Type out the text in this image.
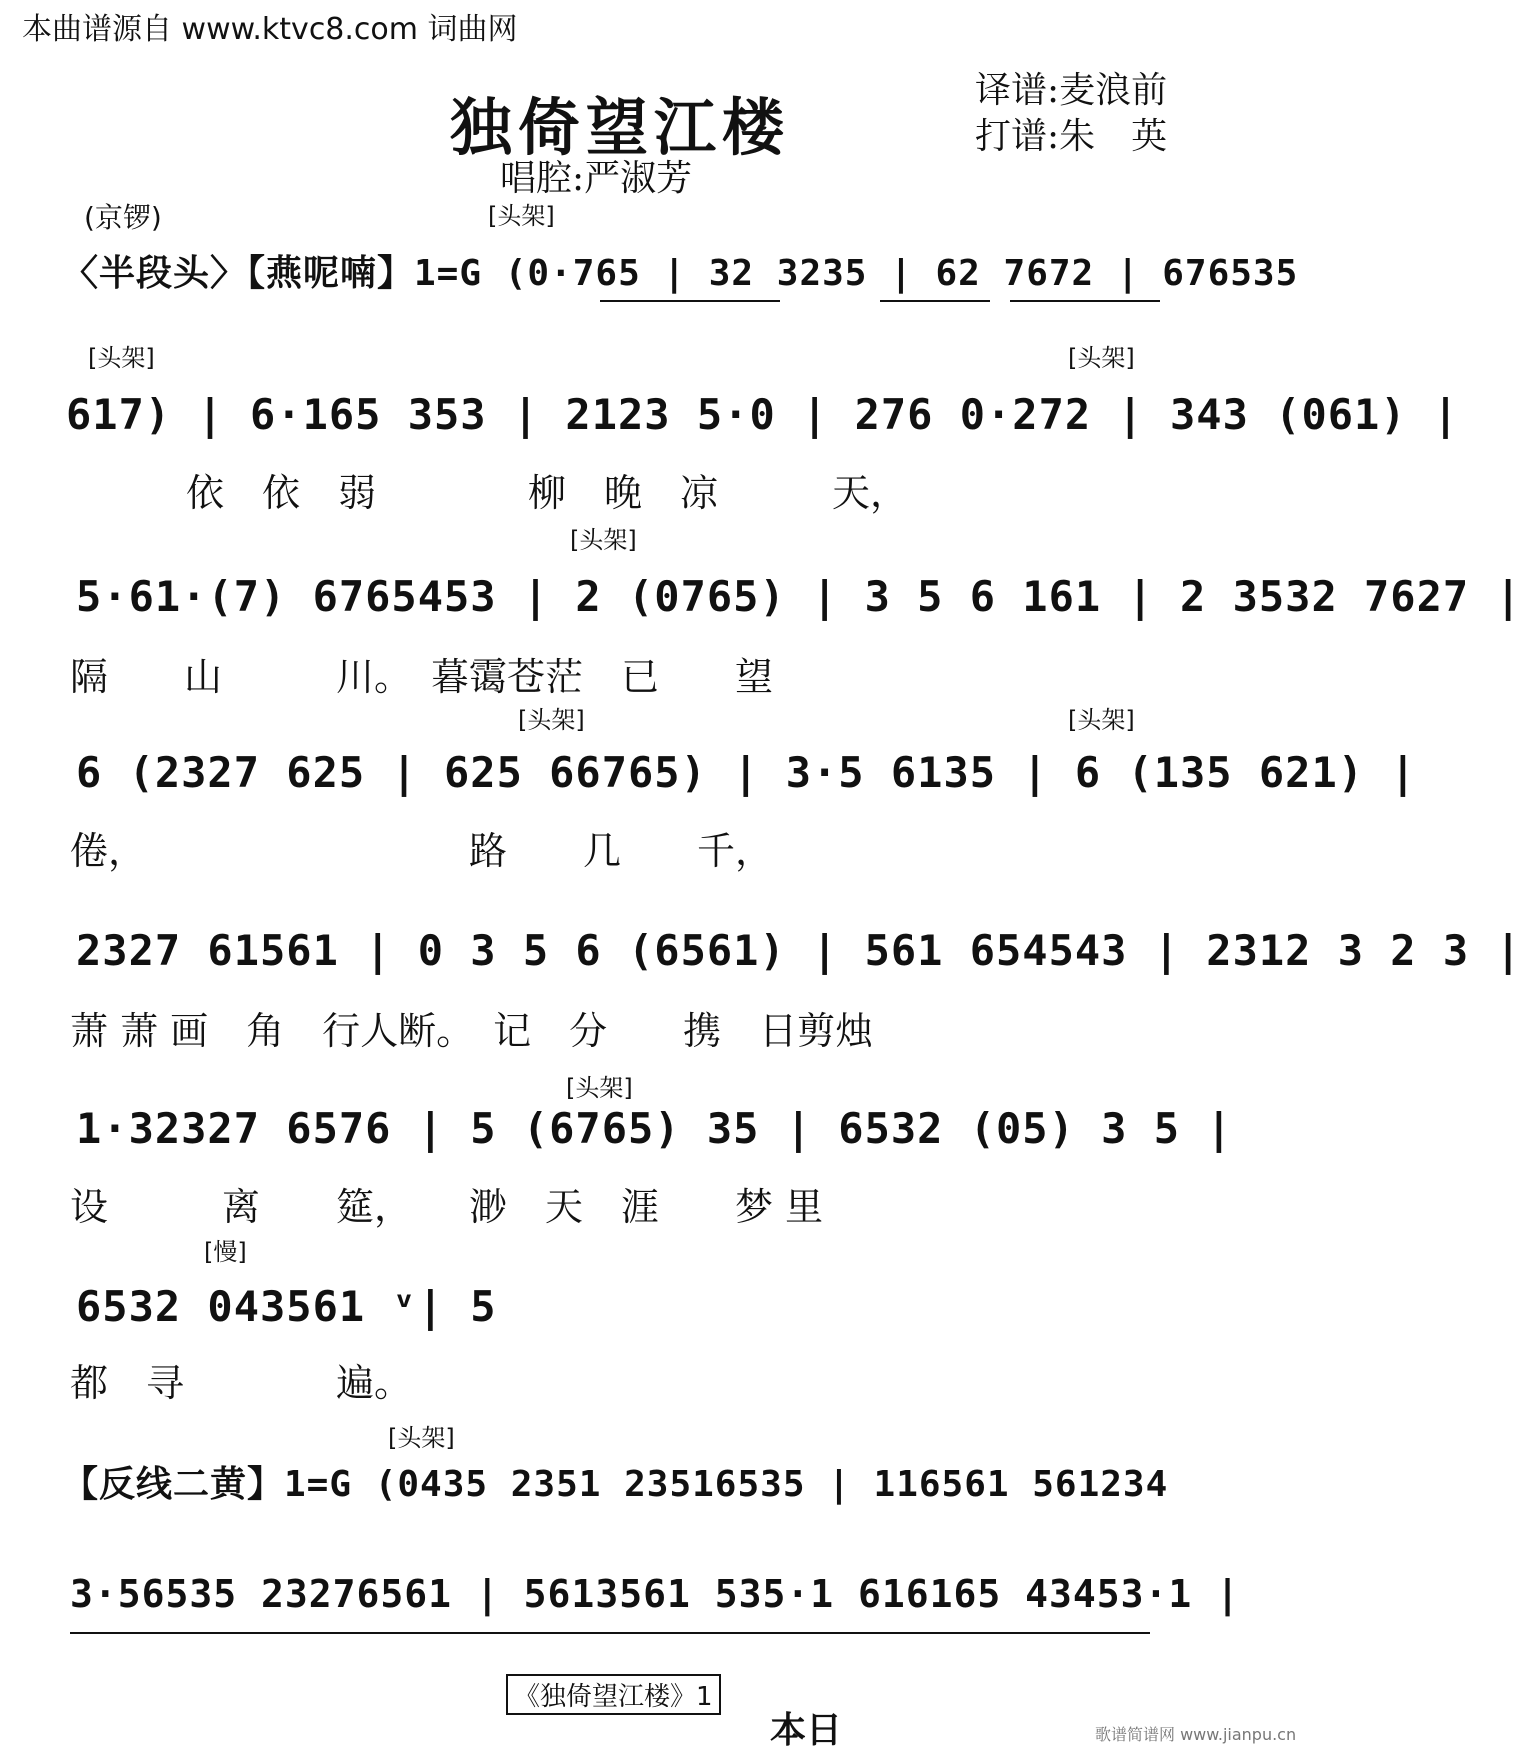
本曲谱源自 www.ktvc8.com 词曲网
独倚望江楼
唱腔:严淑芳
译谱:麦浪前
打谱:朱　英
(京锣)	[头架]
〈半段头〉【燕呢喃】1=G (0·765 | 32 3235 | 62 7672 | 676535
[头架]	[头架]
617) | 6·165 353 | 2123 5·0 | 276 0·272 | 343 (061) |
依　依　弱　　　　柳　晚　凉　　　天，
[头架]
5·61·(7) 6765453 | 2 (0765) | 3 5 6 161 | 2 3532 7627 |
隔　　山　　　川。　暮霭苍茫　已　　望
[头架]	[头架]
6 (2327 625 | 625 66765) | 3·5 6135 | 6 (135 621) |
倦，　　　　　　　　　路　　几　　千，
2327 61561 | 0 3 5 6 (6561) | 561 654543 | 2312 3 2 3 |
萧 萧 画　角　行人断。　记　分　　携　日剪烛
[头架]
1·32327 6576 | 5 (6765) 35 | 6532 (05) 3 5 |
设　　　离　　筵，　　渺　天　涯　　梦 里
[慢]
6532 043561 ᵛ| 5
都　寻　　　　遍。
[头架]
【反线二黄】1=G (0435 2351 23516535 | 116561 561234
3·56535 23276561 | 5613561 535·1 616165 43453·1 |
《独倚望江楼》1
本日	歌谱简谱网 www.jianpu.cn
